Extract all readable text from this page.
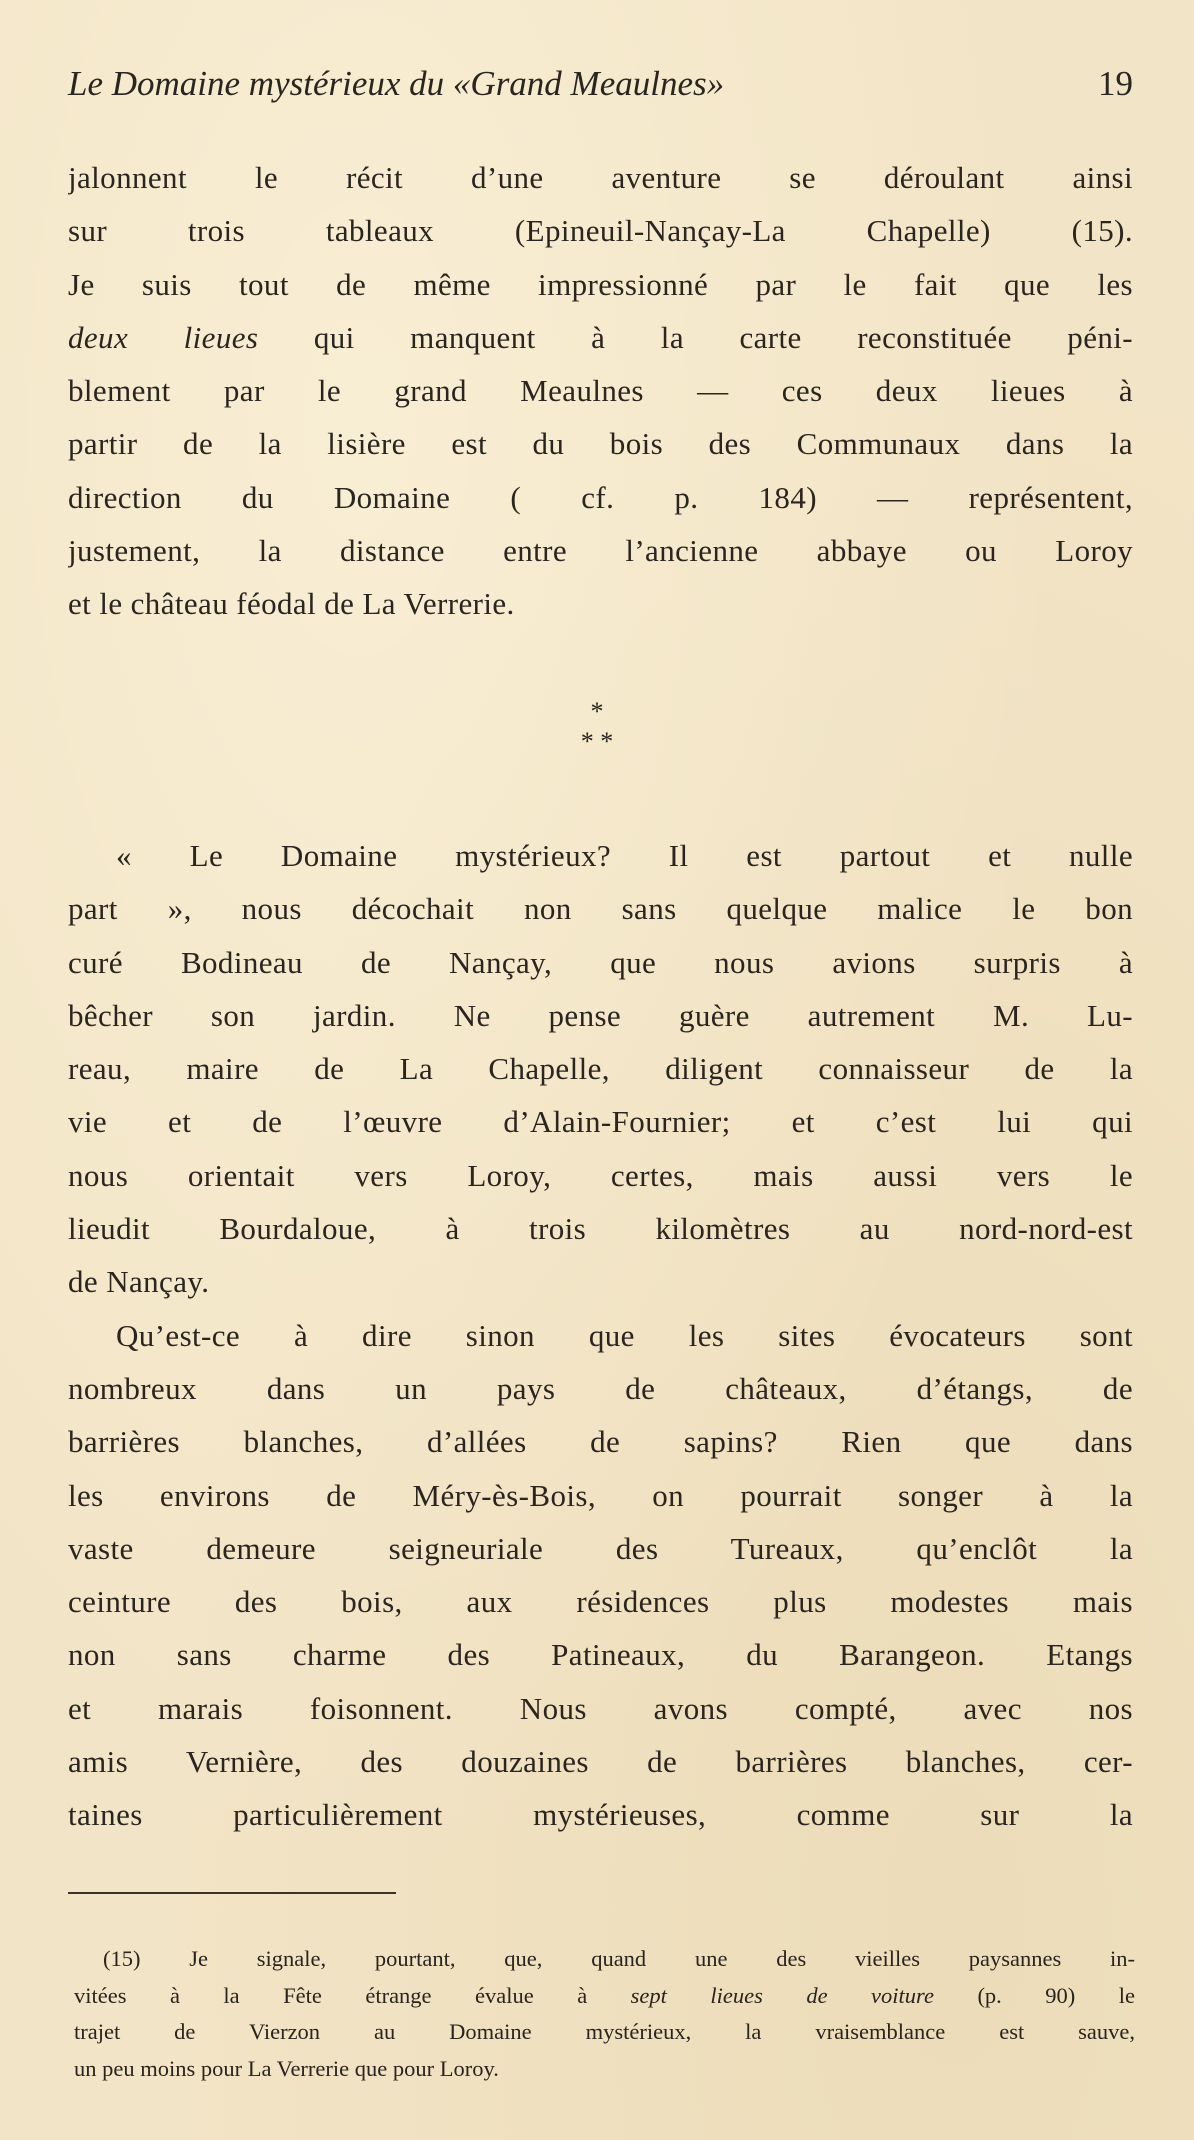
Le Domaine mystérieux du «Grand Meaulnes»	19
jalonnent le récit d’une aventure se déroulant ainsi
sur trois tableaux (Epineuil-Nançay-La Chapelle) (15).
Je suis tout de même impressionné par le fait que les
deux lieues qui manquent à la carte reconstituée péni-
blement par le grand Meaulnes — ces deux lieues à
partir de la lisière est du bois des Communaux dans la
direction du Domaine ( cf. p. 184) — représentent,
justement, la distance entre l’ancienne abbaye ou Loroy
et le château féodal de La Verrerie.
*
* *
« Le Domaine mystérieux? Il est partout et nulle
part », nous décochait non sans quelque malice le bon
curé Bodineau de Nançay, que nous avions surpris à
bêcher son jardin. Ne pense guère autrement M. Lu-
reau, maire de La Chapelle, diligent connaisseur de la
vie et de l’œuvre d’Alain-Fournier; et c’est lui qui
nous orientait vers Loroy, certes, mais aussi vers le
lieudit Bourdaloue, à trois kilomètres au nord-nord-est
de Nançay.
Qu’est-ce à dire sinon que les sites évocateurs sont
nombreux dans un pays de châteaux, d’étangs, de
barrières blanches, d’allées de sapins? Rien que dans
les environs de Méry-ès-Bois, on pourrait songer à la
vaste demeure seigneuriale des Tureaux, qu’enclôt la
ceinture des bois, aux résidences plus modestes mais
non sans charme des Patineaux, du Barangeon. Etangs
et marais foisonnent. Nous avons compté, avec nos
amis Vernière, des douzaines de barrières blanches, cer-
taines particulièrement mystérieuses, comme sur la
(15) Je signale, pourtant, que, quand une des vieilles paysannes in-
vitées à la Fête étrange évalue à sept lieues de voiture (p. 90) le
trajet de Vierzon au Domaine mystérieux, la vraisemblance est sauve,
un peu moins pour La Verrerie que pour Loroy.
